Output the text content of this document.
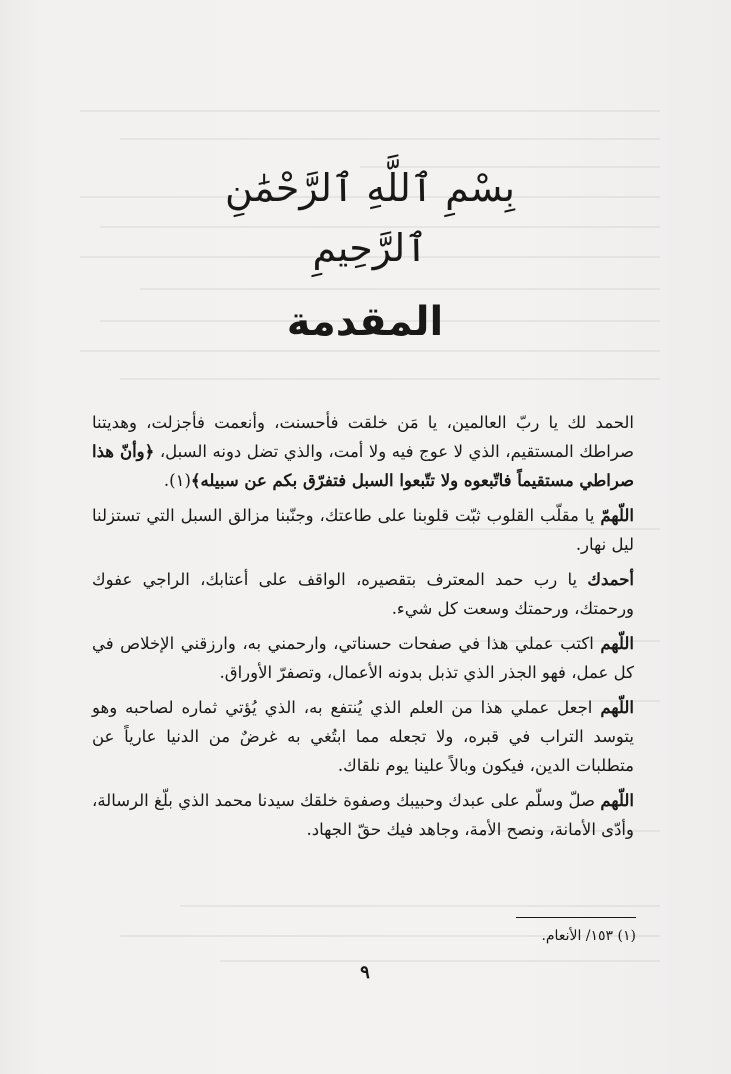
بِسْمِ ٱللَّهِ ٱلرَّحْمَٰنِ ٱلرَّحِيمِ
المقدمة

الحمد لك يا ربّ العالمين، يا مَن خلقت فأحسنت، وأنعمت فأجزلت، وهديتنا صراطك المستقيم، الذي لا عوج فيه ولا أمت، والذي تضل دونه السبل، ﴿وأنّ هذا صراطي مستقيماً فاتّبعوه ولا تتّبعوا السبل فتفرّق بكم عن سبيله﴾(١).

اللّهمّ يا مقلّب القلوب ثبّت قلوبنا على طاعتك، وجنّبنا مزالق السبل التي تستزلنا ليل نهار.

أحمدك يا رب حمد المعترف بتقصيره، الواقف على أعتابك، الراجي عفوك ورحمتك، ورحمتك وسعت كل شيء.

اللّهم اكتب عملي هذا في صفحات حسناتي، وارحمني به، وارزقني الإخلاص في كل عمل، فهو الجذر الذي تذبل بدونه الأعمال، وتصفرّ الأوراق.

اللّهم اجعل عملي هذا من العلم الذي يُنتفع به، الذي يُؤتي ثماره لصاحبه وهو يتوسد التراب في قبره، ولا تجعله مما ابتُغي به غرضٌ من الدنيا عارياً عن متطلبات الدين، فيكون وبالاً علينا يوم نلقاك.

اللّهم صلّ وسلّم على عبدك وحبيبك وصفوة خلقك سيدنا محمد الذي بلّغ الرسالة، وأدّى الأمانة، ونصح الأمة، وجاهد فيك حقّ الجهاد.

(١) ١٥٣/ الأنعام.
٩
